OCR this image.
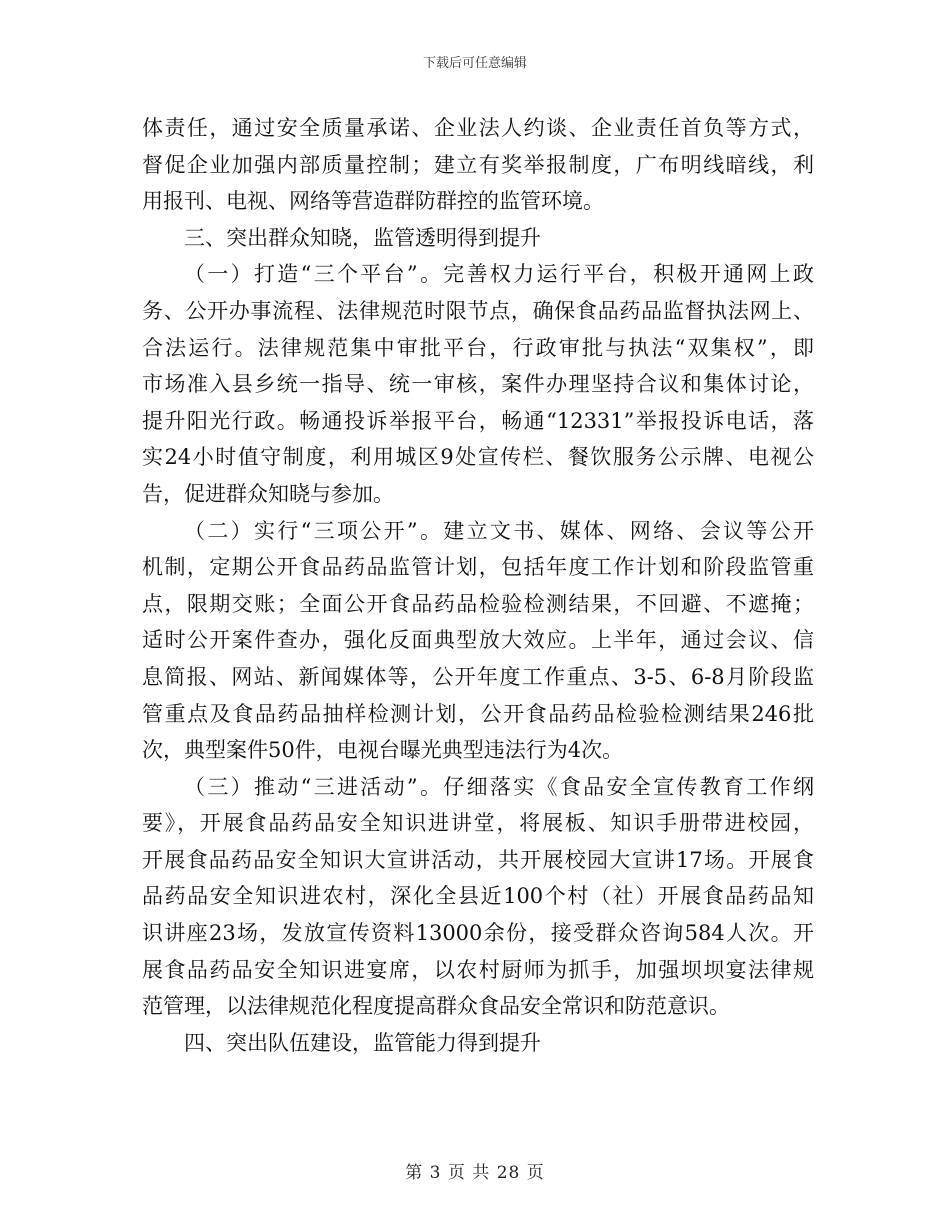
下载后可任意编辑
体责任，通过安全质量承诺、企业法人约谈、企业责任首负等方式，
督促企业加强内部质量控制；建立有奖举报制度，广布明线暗线，利
用报刊、电视、网络等营造群防群控的监管环境。
三、突出群众知晓，监管透明得到提升
（一）打造“三个平台”。完善权力运行平台，积极开通网上政
务、公开办事流程、法律规范时限节点，确保食品药品监督执法网上、
合法运行。法律规范集中审批平台，行政审批与执法“双集权”，即
市场准入县乡统一指导、统一审核，案件办理坚持合议和集体讨论，
提升阳光行政。畅通投诉举报平台，畅通“12331”举报投诉电话，落
实24小时值守制度，利用城区9处宣传栏、餐饮服务公示牌、电视公
告，促进群众知晓与参加。
（二）实行“三项公开”。建立文书、媒体、网络、会议等公开
机制，定期公开食品药品监管计划，包括年度工作计划和阶段监管重
点，限期交账；全面公开食品药品检验检测结果，不回避、不遮掩；
适时公开案件查办，强化反面典型放大效应。上半年，通过会议、信
息简报、网站、新闻媒体等，公开年度工作重点、3-5、6-8月阶段监
管重点及食品药品抽样检测计划，公开食品药品检验检测结果246批
次，典型案件50件，电视台曝光典型违法行为4次。
（三）推动“三进活动”。仔细落实《食品安全宣传教育工作纲
要》，开展食品药品安全知识进讲堂，将展板、知识手册带进校园，
开展食品药品安全知识大宣讲活动，共开展校园大宣讲17场。开展食
品药品安全知识进农村，深化全县近100个村（社）开展食品药品知
识讲座23场，发放宣传资料13000余份，接受群众咨询584人次。开
展食品药品安全知识进宴席，以农村厨师为抓手，加强坝坝宴法律规
范管理，以法律规范化程度提高群众食品安全常识和防范意识。
四、突出队伍建设，监管能力得到提升
第 3 页 共 28 页
